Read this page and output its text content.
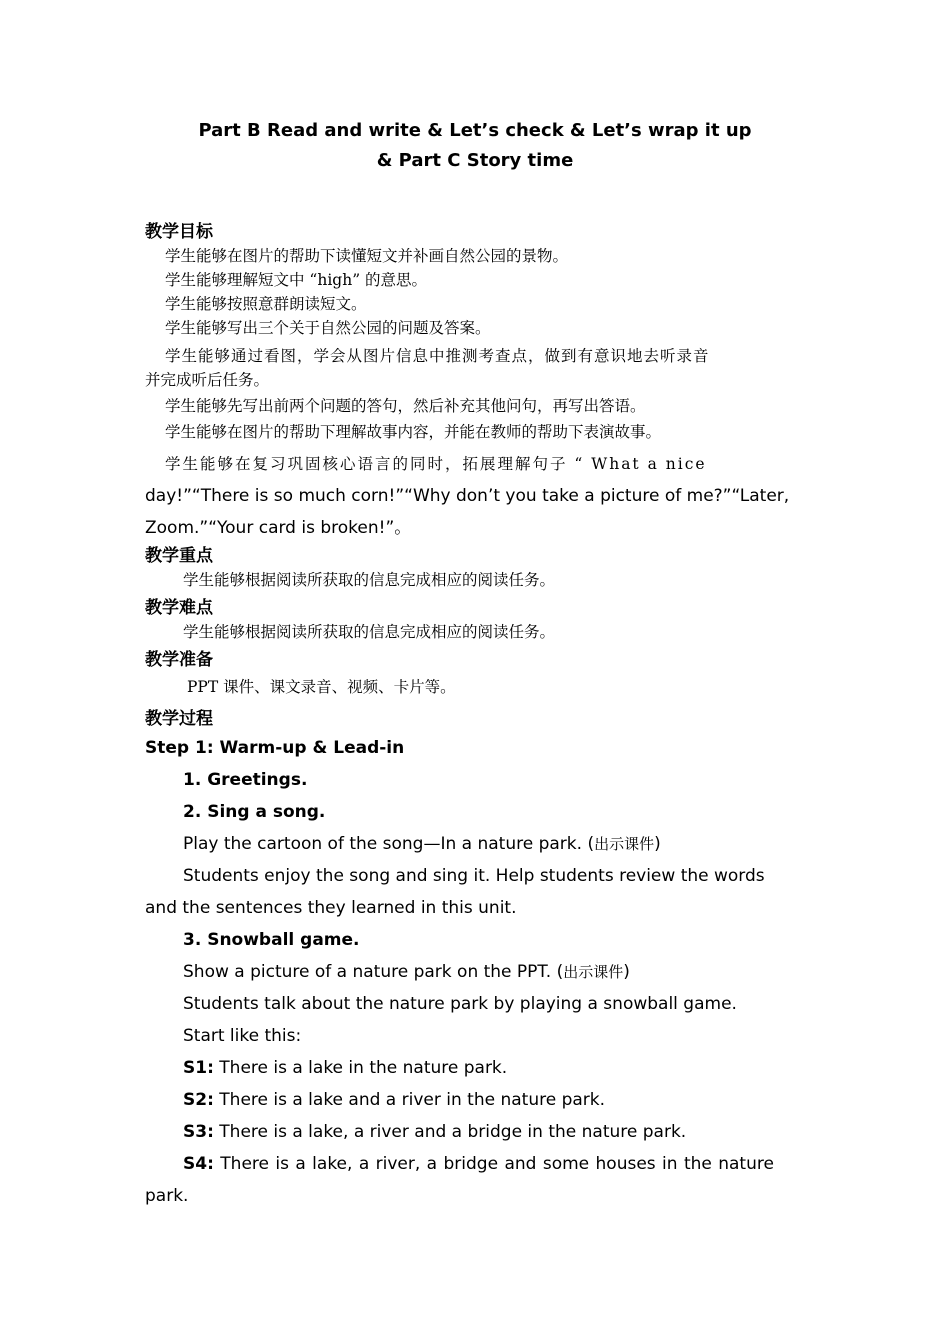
Part B Read and write & Let’s check & Let’s wrap it up
& Part C Story time
教学目标
学生能够在图片的帮助下读懂短文并补画自然公园的景物。
学生能够理解短文中 “high” 的意思。
学生能够按照意群朗读短文。
学生能够写出三个关于自然公园的问题及答案。
学生能够通过看图，学会从图片信息中推测考查点，做到有意识地去听录音
并完成听后任务。
学生能够先写出前两个问题的答句，然后补充其他问句，再写出答语。
学生能够在图片的帮助下理解故事内容，并能在教师的帮助下表演故事。
学生能够在复习巩固核心语言的同时，拓展理解句子 “ What a nice
day!”“There is so much corn!”“Why don’t you take a picture of me?”“Later,
Zoom.”“Your card is broken!”。
教学重点
学生能够根据阅读所获取的信息完成相应的阅读任务。
教学难点
学生能够根据阅读所获取的信息完成相应的阅读任务。
教学准备
PPT 课件、课文录音、视频、卡片等。
教学过程
Step 1: Warm-up & Lead-in
1. Greetings.
2. Sing a song.
Play the cartoon of the song—In a nature park. (出示课件)
Students enjoy the song and sing it. Help students review the words
and the sentences they learned in this unit.
3. Snowball game.
Show a picture of a nature park on the PPT. (出示课件)
Students talk about the nature park by playing a snowball game.
Start like this:
S1: There is a lake in the nature park.
S2: There is a lake and a river in the nature park.
S3: There is a lake, a river and a bridge in the nature park.
S4: There is a lake, a river, a bridge and some houses in the nature
park.
